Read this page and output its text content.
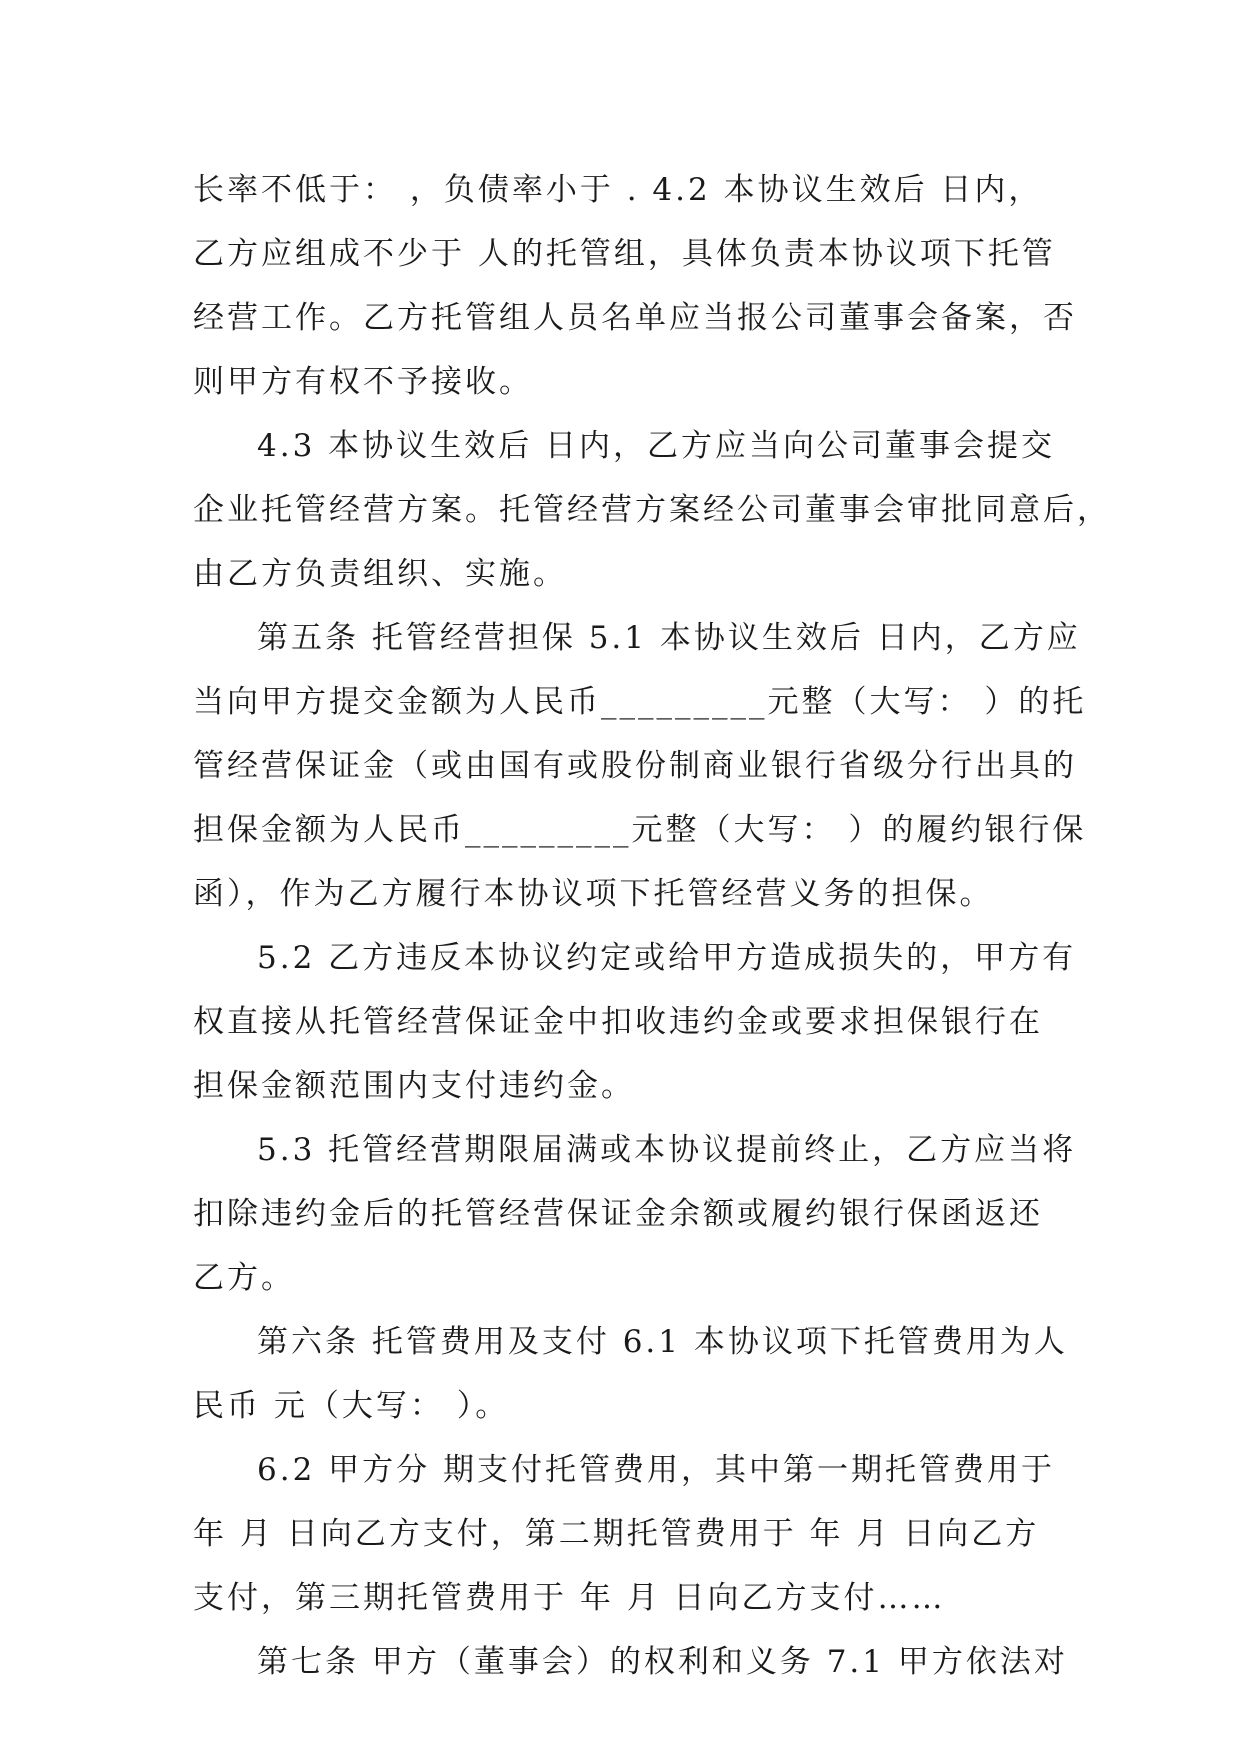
长率不低于： ，负债率小于 . 4.2 本协议生效后 日内，
乙方应组成不少于 人的托管组，具体负责本协议项下托管
经营工作。乙方托管组人员名单应当报公司董事会备案，否
则甲方有权不予接收。
4.3 本协议生效后 日内，乙方应当向公司董事会提交
企业托管经营方案。托管经营方案经公司董事会审批同意后，
由乙方负责组织、实施。
第五条 托管经营担保 5.1 本协议生效后 日内，乙方应
当向甲方提交金额为人民币_________元整（大写： ）的托
管经营保证金（或由国有或股份制商业银行省级分行出具的
担保金额为人民币_________元整（大写： ）的履约银行保
函），作为乙方履行本协议项下托管经营义务的担保。
5.2 乙方违反本协议约定或给甲方造成损失的，甲方有
权直接从托管经营保证金中扣收违约金或要求担保银行在
担保金额范围内支付违约金。
5.3 托管经营期限届满或本协议提前终止，乙方应当将
扣除违约金后的托管经营保证金余额或履约银行保函返还
乙方。
第六条 托管费用及支付 6.1 本协议项下托管费用为人
民币 元（大写： ）。
6.2 甲方分 期支付托管费用，其中第一期托管费用于
年 月 日向乙方支付，第二期托管费用于 年 月 日向乙方
支付，第三期托管费用于 年 月 日向乙方支付……
第七条 甲方（董事会）的权利和义务 7.1 甲方依法对
